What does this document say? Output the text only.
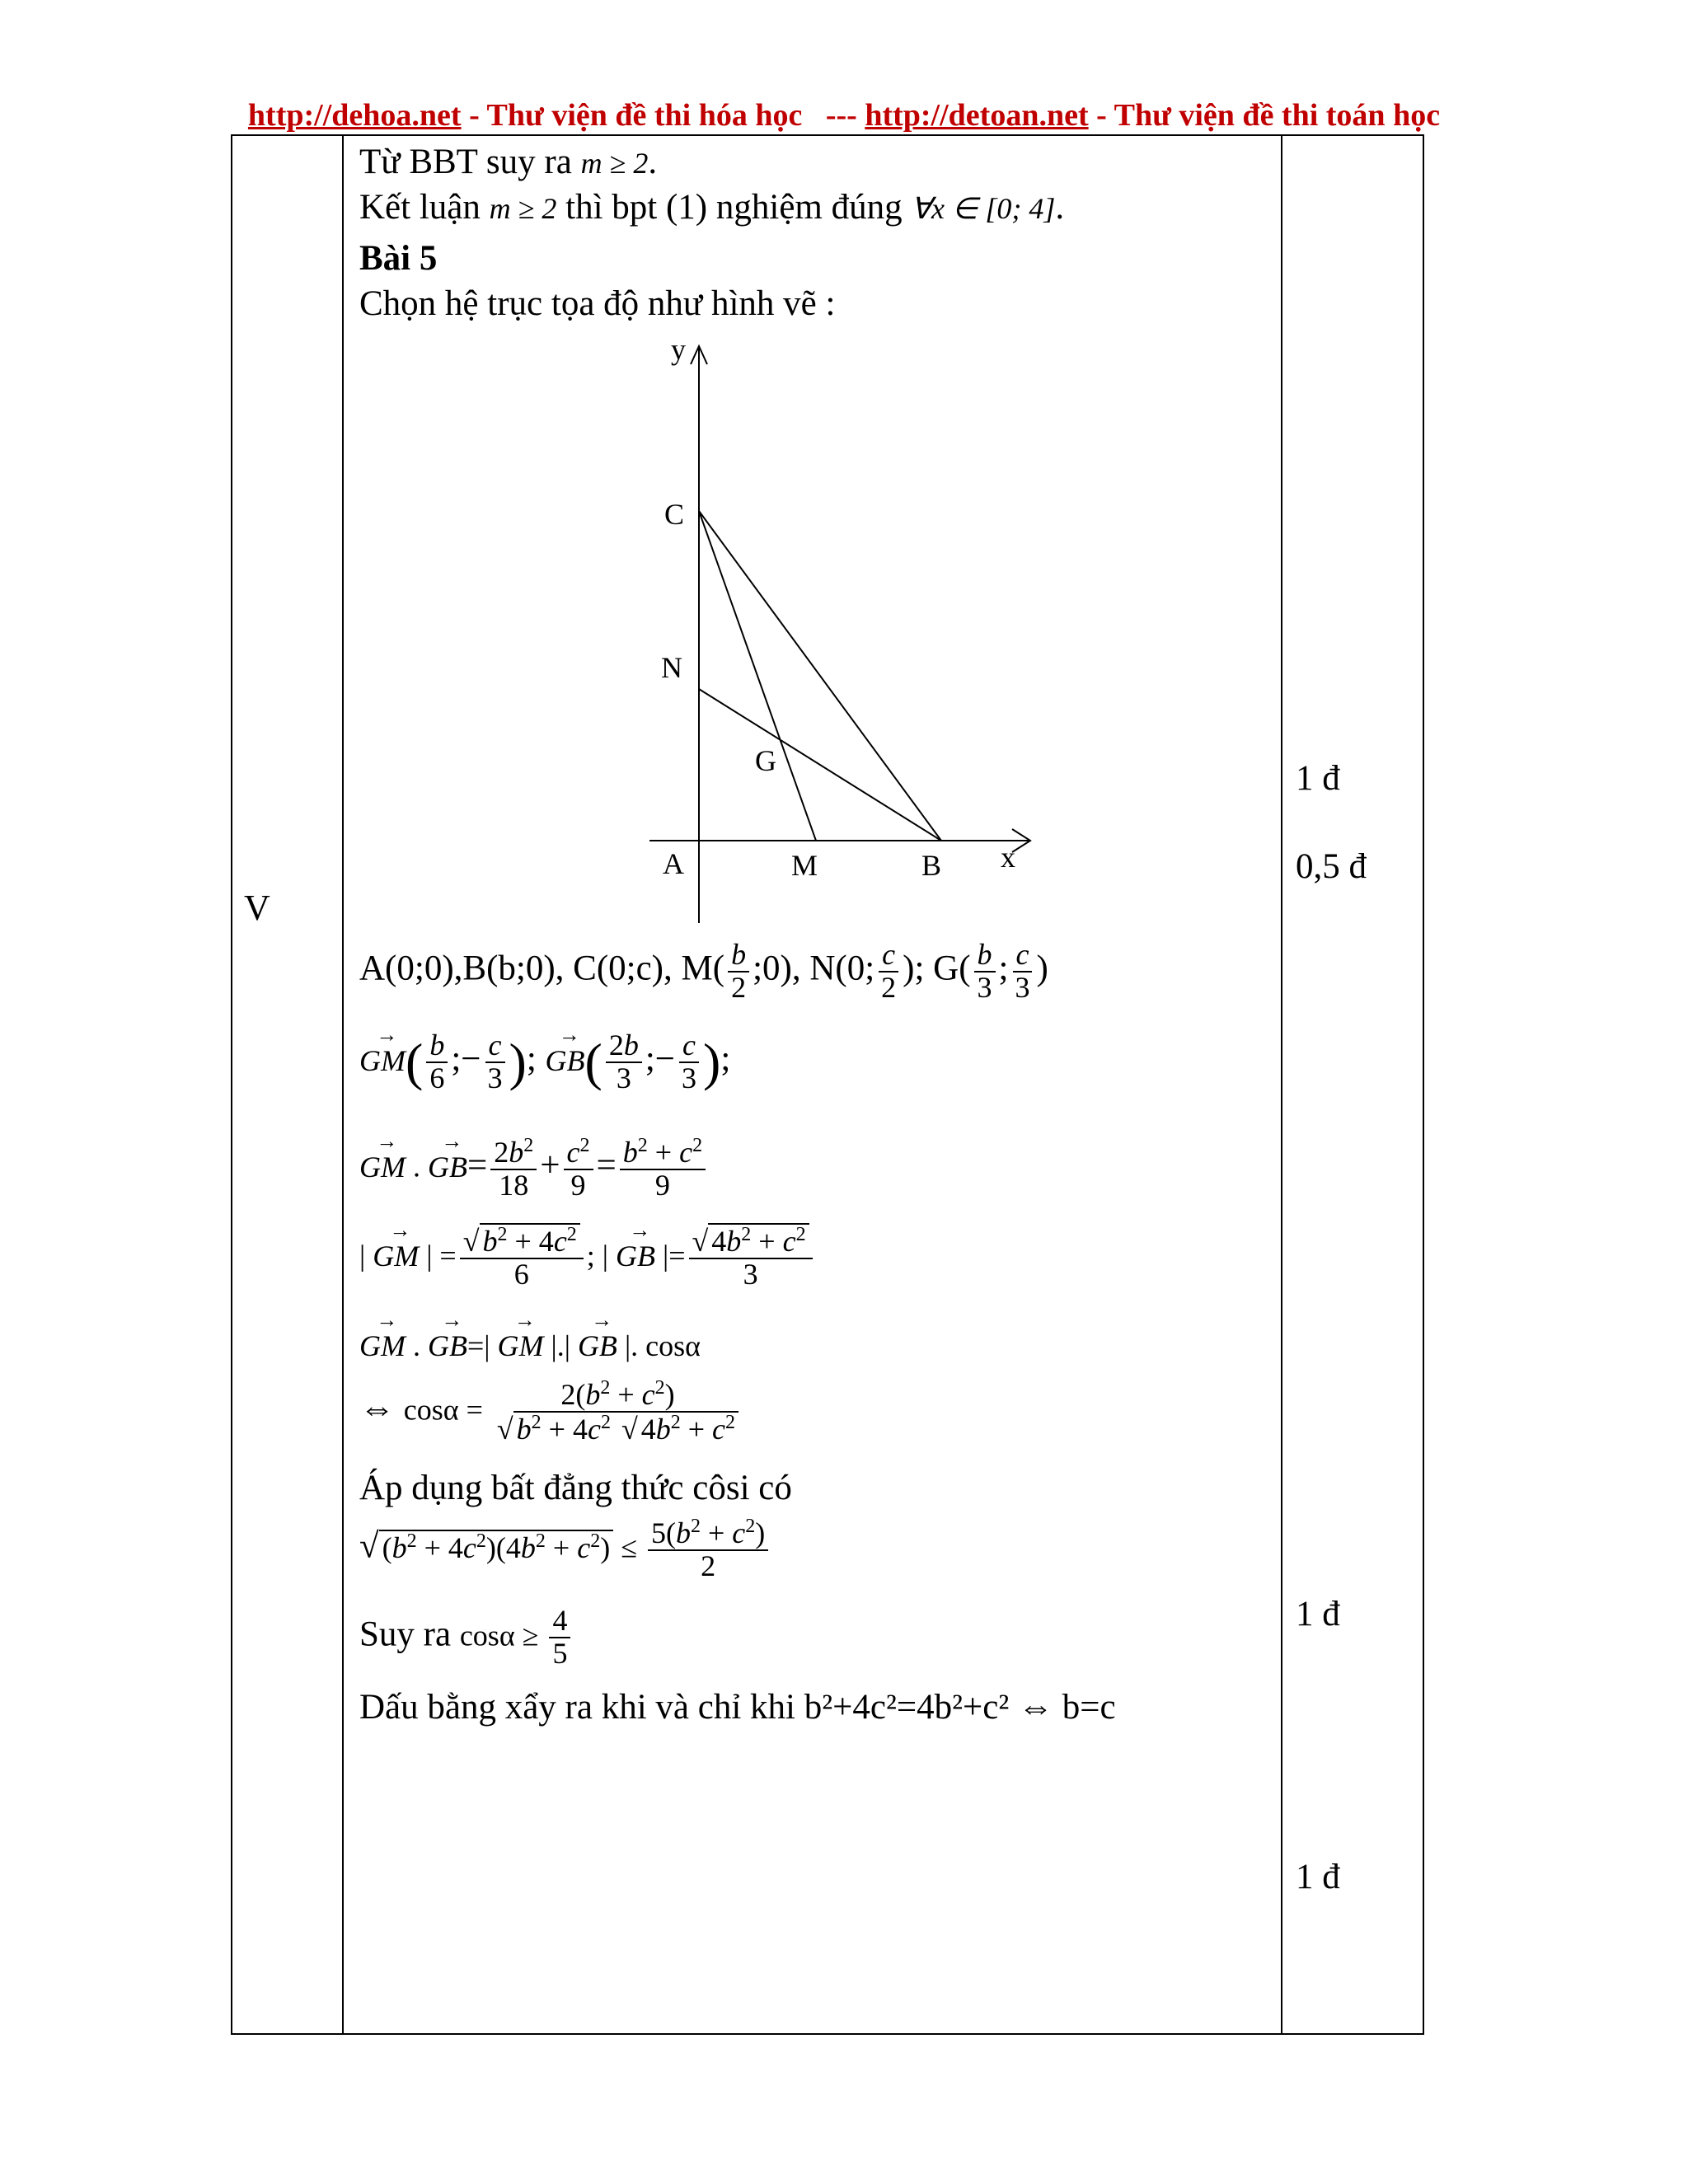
http://dehoa.net - Thư viện đề thi hóa học   --- http://detoan.net - Thư viện đề thi toán học
V
Từ BBT suy ra m ≥ 2.
Kết luận m ≥ 2 thì bpt (1) nghiệm đúng ∀x ∈ [0; 4].
Bài 5
Chọn hệ trục tọa độ như hình vẽ :
y
x
A	M	B
N
C
G
A(0;0),B(b;0), C(0;c), $M( \frac{b}{2}$ ;0), N(0; $\frac{c}{2}$ ); $G( \frac{b}{3}$ ; $\frac{c}{3}$ )
→ $GM( \frac{b}{6}$ ;− $\frac{c}{3}$ ); → $GB( \frac{2b}{3}$ ;− $\frac{c}{3}$ );
→ GM . → $GB= \frac{2b^2}{18} + \frac{c^2}{9} = \frac{b^2 + c^2}{9}$
| → GM | = $\frac{√ b^2 + 4c^2}{6}$ ; | → GB |= $\frac{√ 4b^2 + c^2}{3}$
→ GM . → GB=| → GM |.| → GB |. cosα
⇔ $\cos\alpha = \frac{2(b^2 + c^2)}{√ b^2 + 4c^2 √ 4b^2 + c^2}$
Áp dụng bất đẳng thức côsi có
√ $(b^2 + 4c^2)(4b^2 + c^2) \le \frac{5(b^2 + c^2)}{2}$
Suy ra $\cos\alpha \ge \frac{4}{5}$
Dấu bằng xẩy ra khi và chỉ khi b²+4c²=4b²+c² ⇔ b=c
1 đ
0,5 đ
1 đ
1 đ
